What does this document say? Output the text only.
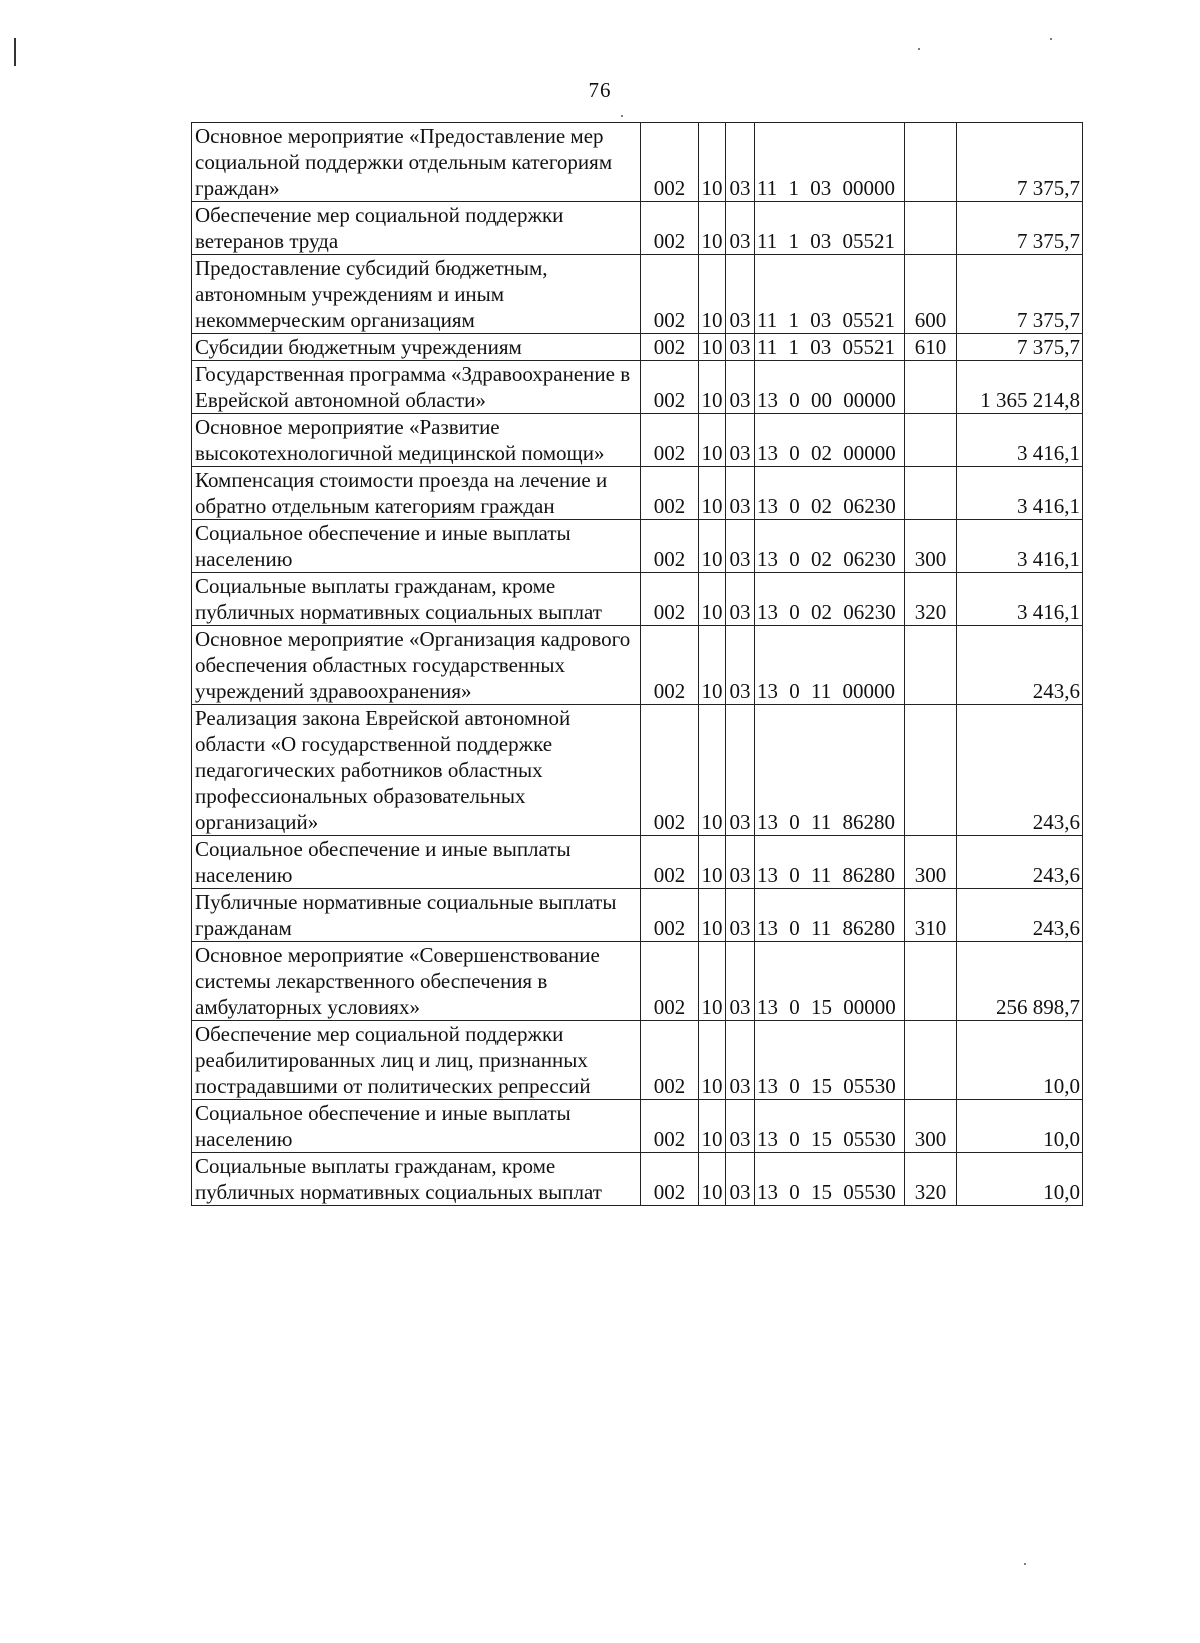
76
Основное мероприятие «Предоставление мер социальной поддержки отдельным категориям граждан»	002	10	03	11 1 03 00000		7 375,7
Обеспечение мер социальной поддержки ветеранов труда	002	10	03	11 1 03 05521		7 375,7
Предоставление субсидий бюджетным, автономным учреждениям и иным некоммерческим организациям	002	10	03	11 1 03 05521	600	7 375,7
Субсидии бюджетным учреждениям	002	10	03	11 1 03 05521	610	7 375,7
Государственная программа «Здравоохранение в Еврейской автономной области»	002	10	03	13 0 00 00000		1 365 214,8
Основное мероприятие «Развитие высокотехнологичной медицинской помощи»	002	10	03	13 0 02 00000		3 416,1
Компенсация стоимости проезда на лечение и обратно отдельным категориям граждан	002	10	03	13 0 02 06230		3 416,1
Социальное обеспечение и иные выплаты населению	002	10	03	13 0 02 06230	300	3 416,1
Социальные выплаты гражданам, кроме публичных нормативных социальных выплат	002	10	03	13 0 02 06230	320	3 416,1
Основное мероприятие «Организация кадрового обеспечения областных государственных учреждений здравоохранения»	002	10	03	13 0 11 00000		243,6
Реализация закона Еврейской автономной области «О государственной поддержке педагогических работников областных профессиональных образовательных организаций»	002	10	03	13 0 11 86280		243,6
Социальное обеспечение и иные выплаты населению	002	10	03	13 0 11 86280	300	243,6
Публичные нормативные социальные выплаты гражданам	002	10	03	13 0 11 86280	310	243,6
Основное мероприятие «Совершенствование системы лекарственного обеспечения в амбулаторных условиях»	002	10	03	13 0 15 00000		256 898,7
Обеспечение мер социальной поддержки реабилитированных лиц и лиц, признанных пострадавшими от политических репрессий	002	10	03	13 0 15 05530		10,0
Социальное обеспечение и иные выплаты населению	002	10	03	13 0 15 05530	300	10,0
Социальные выплаты гражданам, кроме публичных нормативных социальных выплат	002	10	03	13 0 15 05530	320	10,0
